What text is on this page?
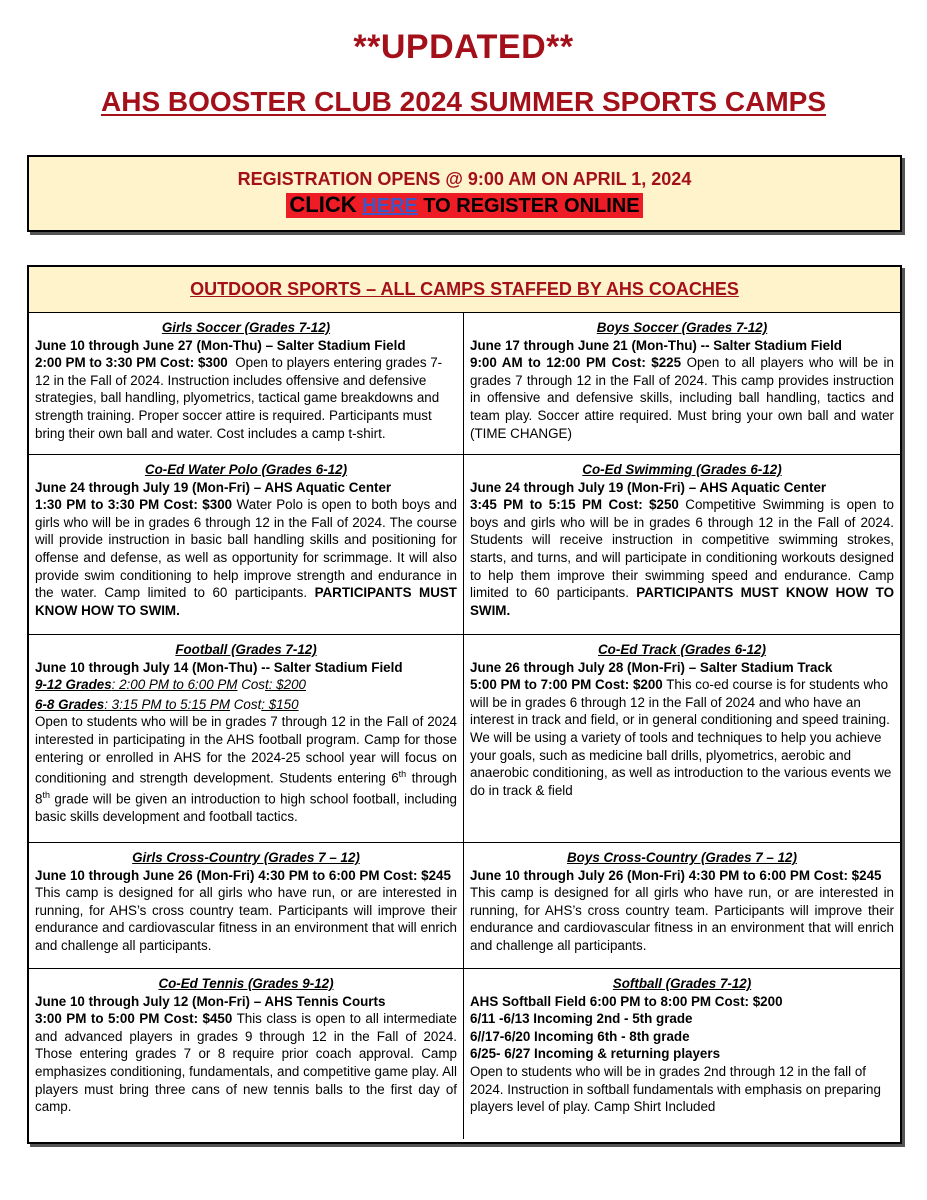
**UPDATED**
AHS BOOSTER CLUB 2024 SUMMER SPORTS CAMPS
REGISTRATION OPENS @ 9:00 AM ON APRIL 1, 2024
CLICK HERE TO REGISTER ONLINE
OUTDOOR SPORTS – ALL CAMPS STAFFED BY AHS COACHES
Girls Soccer (Grades 7-12)

June 10 through June 27 (Mon-Thu) – Salter Stadium Field

2:00 PM to 3:30 PM Cost: $300 Open to players entering grades 7-12 in the Fall of 2024. Instruction includes offensive and defensive strategies, ball handling, plyometrics, tactical game breakdowns and strength training. Proper soccer attire is required. Participants must bring their own ball and water. Cost includes a camp t-shirt.

Boys Soccer (Grades 7-12)

June 17 through June 21 (Mon-Thu) -- Salter Stadium Field

9:00 AM to 12:00 PM Cost: $225 Open to all players who will be in grades 7 through 12 in the Fall of 2024. This camp provides instruction in offensive and defensive skills, including ball handling, tactics and team play. Soccer attire required. Must bring your own ball and water (TIME CHANGE)

Co-Ed Water Polo (Grades 6-12)

June 24 through July 19 (Mon-Fri) – AHS Aquatic Center

1:30 PM to 3:30 PM Cost: $300 Water Polo is open to both boys and girls who will be in grades 6 through 12 in the Fall of 2024. The course will provide instruction in basic ball handling skills and positioning for offense and defense, as well as opportunity for scrimmage. It will also provide swim conditioning to help improve strength and endurance in the water. Camp limited to 60 participants. PARTICIPANTS MUST KNOW HOW TO SWIM.

Co-Ed Swimming (Grades 6-12)

June 24 through July 19 (Mon-Fri) – AHS Aquatic Center

3:45 PM to 5:15 PM Cost: $250 Competitive Swimming is open to boys and girls who will be in grades 6 through 12 in the Fall of 2024. Students will receive instruction in competitive swimming strokes, starts, and turns, and will participate in conditioning workouts designed to help them improve their swimming speed and endurance. Camp limited to 60 participants. PARTICIPANTS MUST KNOW HOW TO SWIM.

Football (Grades 7-12)

June 10 through July 14 (Mon-Thu) -- Salter Stadium Field

9-12 Grades: 2:00 PM to 6:00 PM Cost: $200

6-8 Grades: 3:15 PM to 5:15 PM Cost: $150

Open to students who will be in grades 7 through 12 in the Fall of 2024 interested in participating in the AHS football program. Camp for those entering or enrolled in AHS for the 2024-25 school year will focus on conditioning and strength development. Students entering 6th through 8th grade will be given an introduction to high school football, including basic skills development and football tactics.

Co-Ed Track (Grades 6-12)

June 26 through July 28 (Mon-Fri) – Salter Stadium Track

5:00 PM to 7:00 PM Cost: $200 This co-ed course is for students who will be in grades 6 through 12 in the Fall of 2024 and who have an interest in track and field, or in general conditioning and speed training. We will be using a variety of tools and techniques to help you achieve your goals, such as medicine ball drills, plyometrics, aerobic and anaerobic conditioning, as well as introduction to the various events we do in track & field

Girls Cross-Country (Grades 7 – 12)

June 10 through June 26 (Mon-Fri) 4:30 PM to 6:00 PM Cost: $245

This camp is designed for all girls who have run, or are interested in running, for AHS’s cross country team. Participants will improve their endurance and cardiovascular fitness in an environment that will enrich and challenge all participants.

Boys Cross-Country (Grades 7 – 12)

June 10 through July 26 (Mon-Fri) 4:30 PM to 6:00 PM Cost: $245

This camp is designed for all girls who have run, or are interested in running, for AHS’s cross country team. Participants will improve their endurance and cardiovascular fitness in an environment that will enrich and challenge all participants.

Co-Ed Tennis (Grades 9-12)

June 10 through July 12 (Mon-Fri) – AHS Tennis Courts

3:00 PM to 5:00 PM Cost: $450 This class is open to all intermediate and advanced players in grades 9 through 12 in the Fall of 2024. Those entering grades 7 or 8 require prior coach approval. Camp emphasizes conditioning, fundamentals, and competitive game play. All players must bring three cans of new tennis balls to the first day of camp.

Softball (Grades 7-12)

AHS Softball Field 6:00 PM to 8:00 PM Cost: $200

6/11 -6/13 Incoming 2nd - 5th grade

6//17-6/20 Incoming 6th - 8th grade

6/25- 6/27 Incoming & returning players

Open to students who will be in grades 2nd through 12 in the fall of 2024. Instruction in softball fundamentals with emphasis on preparing players level of play. Camp Shirt Included
